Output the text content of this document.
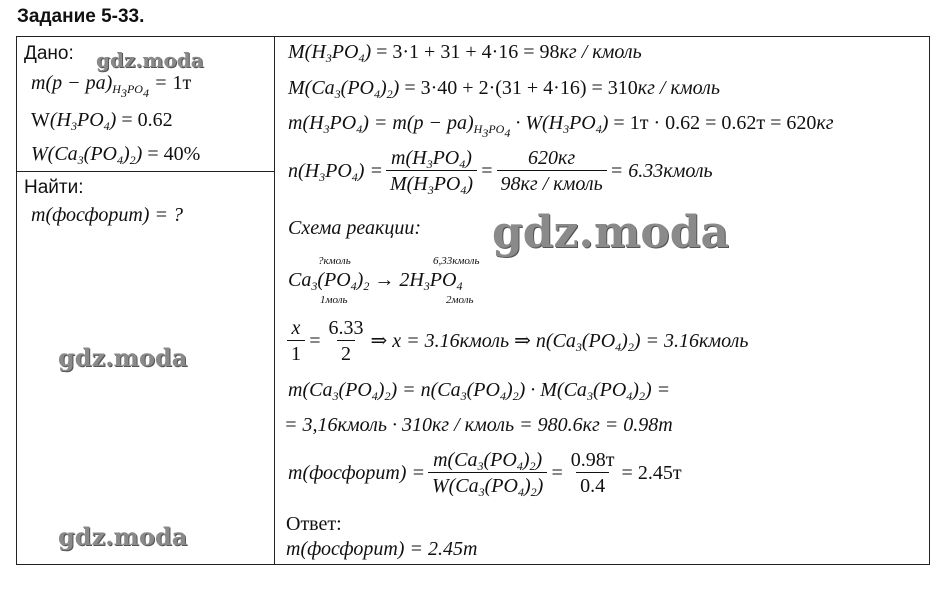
Задание 5-33.
Дано:
$m(p - pa)_{H_3PO_4} = 1т$
$W(H_3PO_4) = 0.62$
$W(Ca_3(PO_4)_2) = 40\%$
Найти:
m(фосфорит) = ?
$M(H_3PO_4) = 3\cdot 1 + 31 + 4\cdot 16 = 98кг$ / кмоль
$M(Ca_3(PO_4)_2) = 3\cdot 40 + 2\cdot(31 + 4\cdot 16) = 310кг$ / кмоль
$m(H_3PO_4) = m(p - pa)_{H_3PO_4} \cdot W(H_3PO_4) = 1т \cdot 0.62 = 0.62т = 620кг$
$n(H_3PO_4) = \frac{m(H_3PO_4)}{M(H_3PO_4)} = \frac{620кг}{\text{98кг / кмоль}}$ = 6.33кмоль
Схема реакции:
?кмоль	6,33кмоль
$Ca_3(PO_4)_2 \to 2H_3PO_4$
1моль	2моль
$\frac{x}{1} = \frac{6.33}{2}$ ⇒ x = 3.16кмоль ⇒ $n(Ca_3(PO_4)_2)$ = 3.16кмоль
$m(Ca_3(PO_4)_2) = n(Ca_3(PO_4)_2) \cdot M(Ca_3(PO_4)_2)$ =
= 3,16кмоль · 310кг / кмоль = 980.6кг = 0.98т
m(фосфорит) = $\frac{m(Ca_3(PO_4)_2)}{W(Ca_3(PO_4)_2)} = \frac{0.98т}{0.4} = 2.45т$
Ответ:
m(фосфорит) = 2.45т
gdz.moda
gdz.moda
gdz.moda
gdz.moda
